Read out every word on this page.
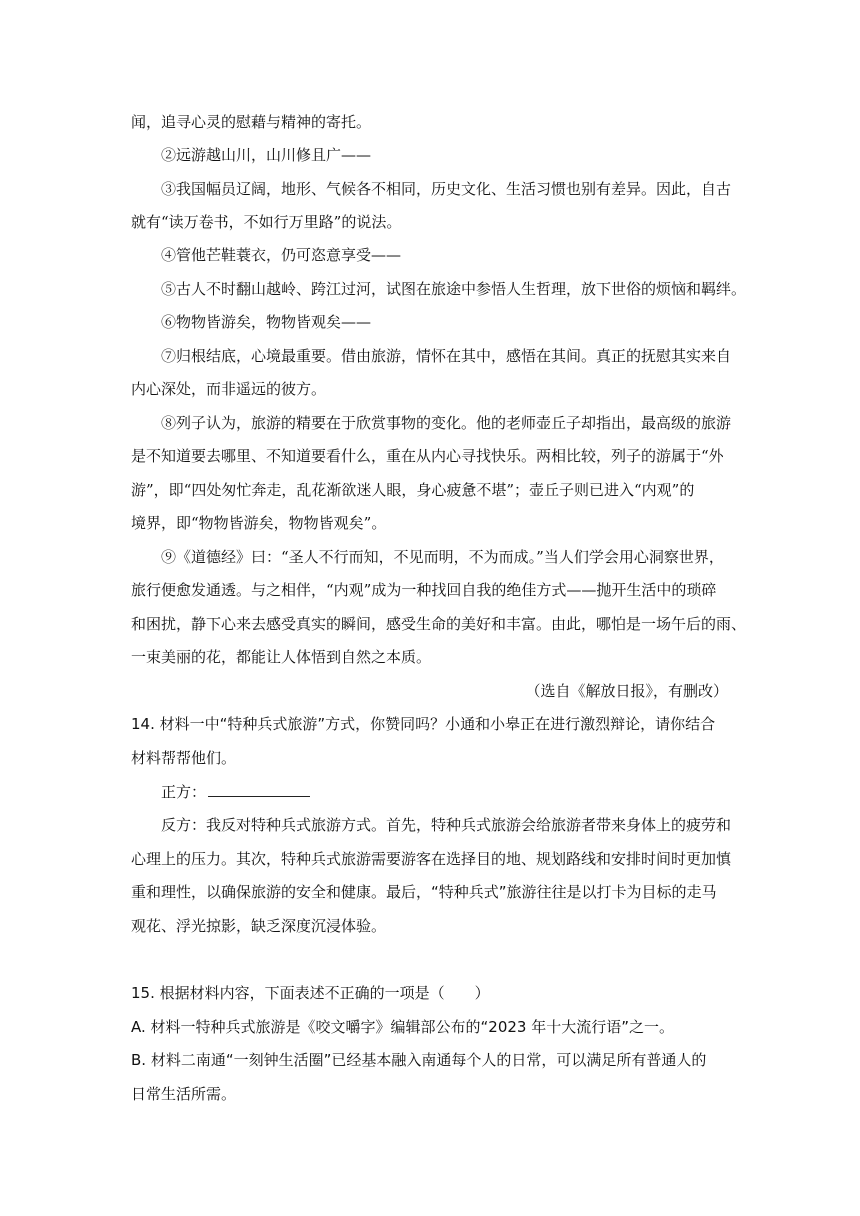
闻，追寻心灵的慰藉与精神的寄托。
②远游越山川，山川修且广——
③我国幅员辽阔，地形、气候各不相同，历史文化、生活习惯也别有差异。因此，自古
就有“读万卷书，不如行万里路”的说法。
④管他芒鞋蓑衣，仍可恣意享受——
⑤古人不时翻山越岭、跨江过河，试图在旅途中参悟人生哲理，放下世俗的烦恼和羁绊。
⑥物物皆游矣，物物皆观矣——
⑦归根结底，心境最重要。借由旅游，情怀在其中，感悟在其间。真正的抚慰其实来自
内心深处，而非遥远的彼方。
⑧列子认为，旅游的精要在于欣赏事物的变化。他的老师壶丘子却指出，最高级的旅游
是不知道要去哪里、不知道要看什么，重在从内心寻找快乐。两相比较，列子的游属于“外
游”，即“四处匆忙奔走，乱花渐欲迷人眼，身心疲惫不堪”；壶丘子则已进入“内观”的
境界，即“物物皆游矣，物物皆观矣”。
⑨《道德经》曰：“圣人不行而知，不见而明，不为而成。”当人们学会用心洞察世界，
旅行便愈发通透。与之相伴，“内观”成为一种找回自我的绝佳方式——抛开生活中的琐碎
和困扰，静下心来去感受真实的瞬间，感受生命的美好和丰富。由此，哪怕是一场午后的雨、
一束美丽的花，都能让人体悟到自然之本质。
（选自《解放日报》，有删改）
14. 材料一中“特种兵式旅游”方式，你赞同吗？小通和小皋正在进行激烈辩论，请你结合
材料帮帮他们。
正方：
反方：我反对特种兵式旅游方式。首先，特种兵式旅游会给旅游者带来身体上的疲劳和
心理上的压力。其次，特种兵式旅游需要游客在选择目的地、规划路线和安排时间时更加慎
重和理性，以确保旅游的安全和健康。最后，“特种兵式”旅游往往是以打卡为目标的走马
观花、浮光掠影，缺乏深度沉浸体验。
15. 根据材料内容，下面表述不正确的一项是（　　）
A. 材料一特种兵式旅游是《咬文嚼字》编辑部公布的“2023 年十大流行语”之一。
B. 材料二南通“一刻钟生活圈”已经基本融入南通每个人的日常，可以满足所有普通人的
日常生活所需。
